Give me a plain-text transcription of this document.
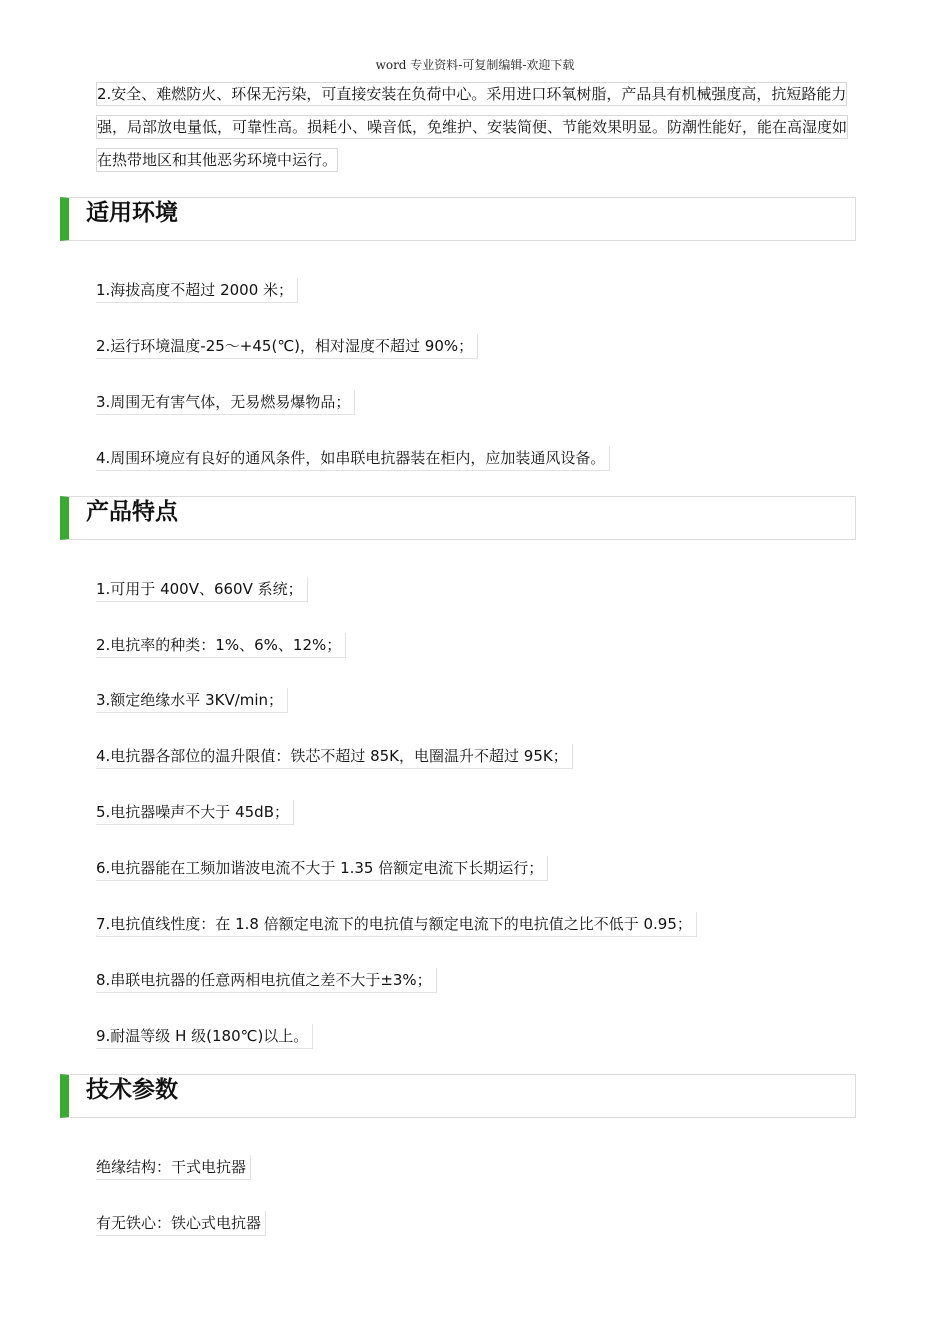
word 专业资料-可复制编辑-欢迎下载
2.安全、难燃防火、环保无污染，可直接安装在负荷中心。采用进口环氧树脂，产品具有机械强度高，抗短路能力强，局部放电量低，可靠性高。损耗小、噪音低，免维护、安装简便、节能效果明显。防潮性能好，能在高湿度如在热带地区和其他恶劣环境中运行。
适用环境
1.海拔高度不超过 2000 米；
2.运行环境温度-25～+45(℃)，相对湿度不超过 90%；
3.周围无有害气体，无易燃易爆物品；
4.周围环境应有良好的通风条件，如串联电抗器装在柜内，应加装通风设备。
产品特点
1.可用于 400V、660V 系统；
2.电抗率的种类：1%、6%、12%；
3.额定绝缘水平 3KV/min；
4.电抗器各部位的温升限值：铁芯不超过 85K，电圈温升不超过 95K；
5.电抗器噪声不大于 45dB；
6.电抗器能在工频加谐波电流不大于 1.35 倍额定电流下长期运行；
7.电抗值线性度：在 1.8 倍额定电流下的电抗值与额定电流下的电抗值之比不低于 0.95；
8.串联电抗器的任意两相电抗值之差不大于±3%；
9.耐温等级 H 级(180℃)以上。
技术参数
绝缘结构：干式电抗器
有无铁心：铁心式电抗器
